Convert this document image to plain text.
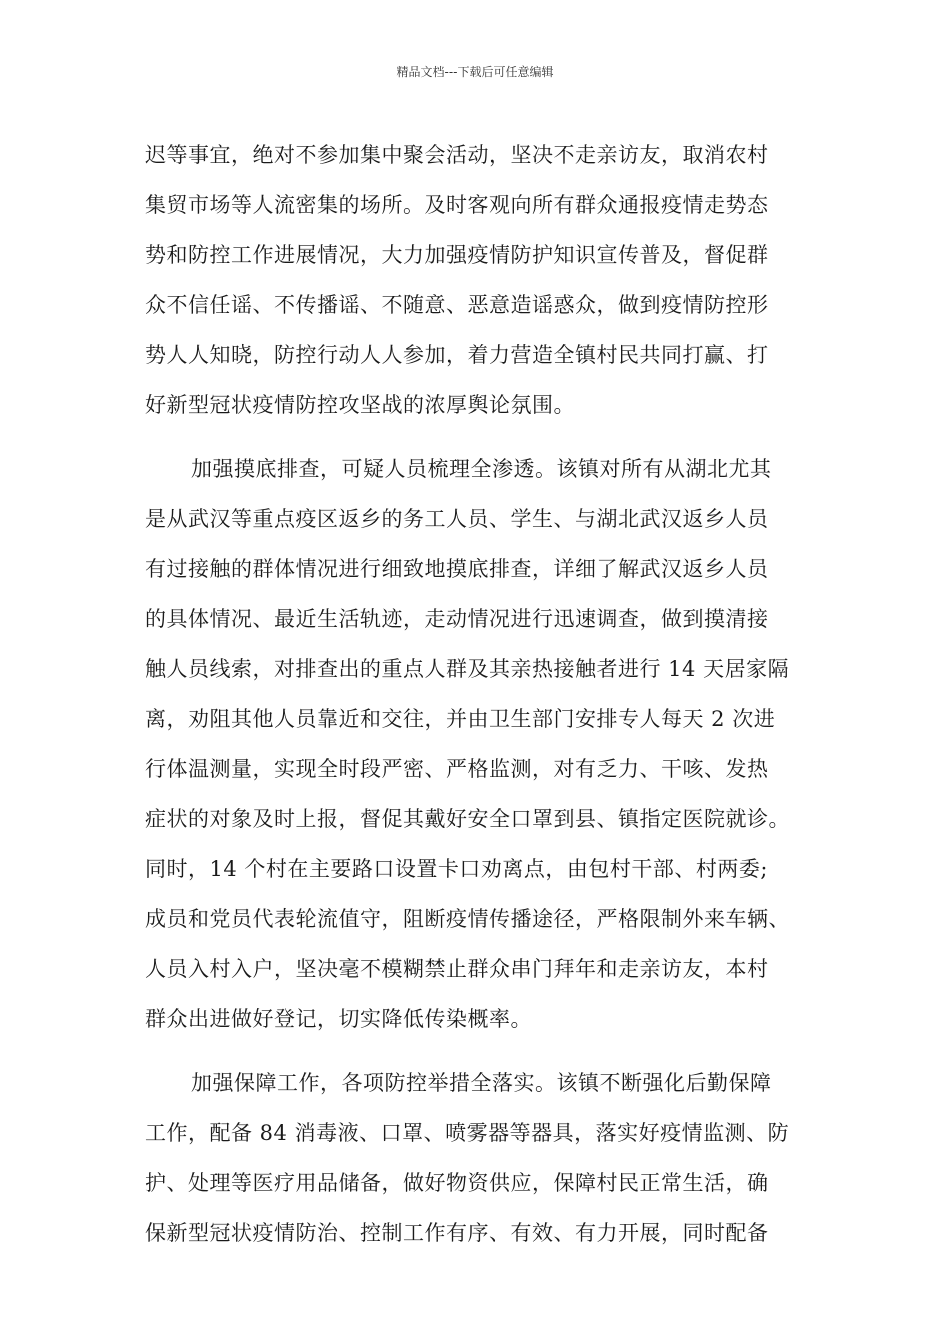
精品文档---下载后可任意编辑
迟等事宜，绝对不参加集中聚会活动，坚决不走亲访友，取消农村
集贸市场等人流密集的场所。及时客观向所有群众通报疫情走势态
势和防控工作进展情况，大力加强疫情防护知识宣传普及，督促群
众不信任谣、不传播谣、不随意、恶意造谣惑众，做到疫情防控形
势人人知晓，防控行动人人参加，着力营造全镇村民共同打赢、打
好新型冠状疫情防控攻坚战的浓厚舆论氛围。
加强摸底排查，可疑人员梳理全渗透。该镇对所有从湖北尤其
是从武汉等重点疫区返乡的务工人员、学生、与湖北武汉返乡人员
有过接触的群体情况进行细致地摸底排查，详细了解武汉返乡人员
的具体情况、最近生活轨迹，走动情况进行迅速调查，做到摸清接
触人员线索，对排查出的重点人群及其亲热接触者进行 14 天居家隔
离，劝阻其他人员靠近和交往，并由卫生部门安排专人每天 2 次进
行体温测量，实现全时段严密、严格监测，对有乏力、干咳、发热
症状的对象及时上报，督促其戴好安全口罩到县、镇指定医院就诊。
同时，14 个村在主要路口设置卡口劝离点，由包村干部、村两委;
成员和党员代表轮流值守，阻断疫情传播途径，严格限制外来车辆、
人员入村入户，坚决毫不模糊禁止群众串门拜年和走亲访友，本村
群众出进做好登记，切实降低传染概率。
加强保障工作，各项防控举措全落实。该镇不断强化后勤保障
工作，配备 84 消毒液、口罩、喷雾器等器具，落实好疫情监测、防
护、处理等医疗用品储备，做好物资供应，保障村民正常生活，确
保新型冠状疫情防治、控制工作有序、有效、有力开展，同时配备
